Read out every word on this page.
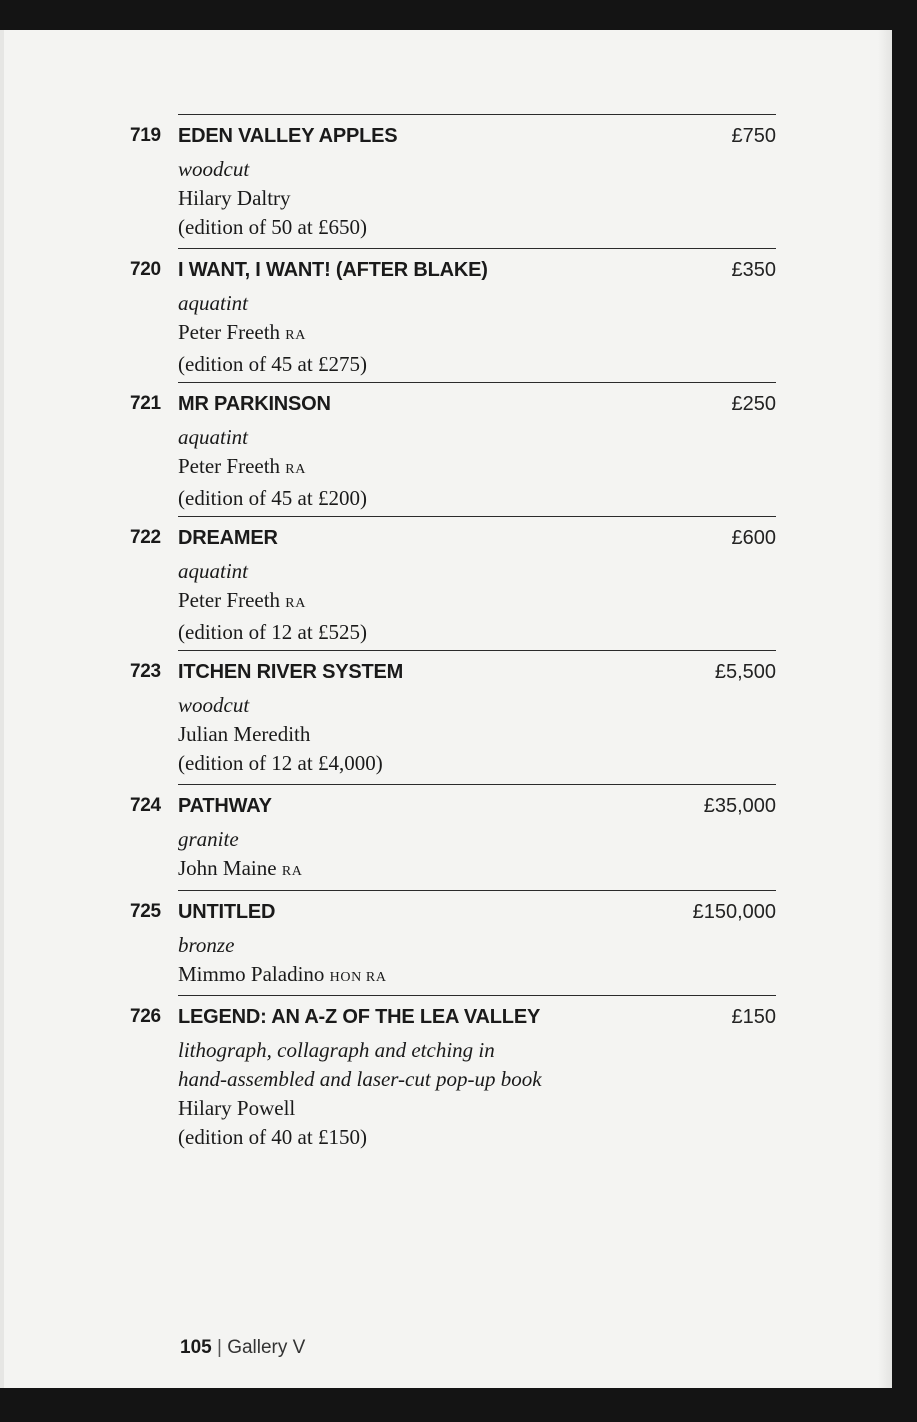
719 EDEN VALLEY APPLES	£750
woodcut
Hilary Daltry
(edition of 50 at £650)
720 I WANT, I WANT! (AFTER BLAKE)	£350
aquatint
Peter Freeth RA
(edition of 45 at £275)
721 MR PARKINSON	£250
aquatint
Peter Freeth RA
(edition of 45 at £200)
722 DREAMER	£600
aquatint
Peter Freeth RA
(edition of 12 at £525)
723 ITCHEN RIVER SYSTEM	£5,500
woodcut
Julian Meredith
(edition of 12 at £4,000)
724 PATHWAY	£35,000
granite
John Maine RA
725 UNTITLED	£150,000
bronze
Mimmo Paladino HON RA
726 LEGEND: AN A-Z OF THE LEA VALLEY	£150
lithograph, collagraph and etching in
hand-assembled and laser-cut pop-up book
Hilary Powell
(edition of 40 at £150)
105 | Gallery V
